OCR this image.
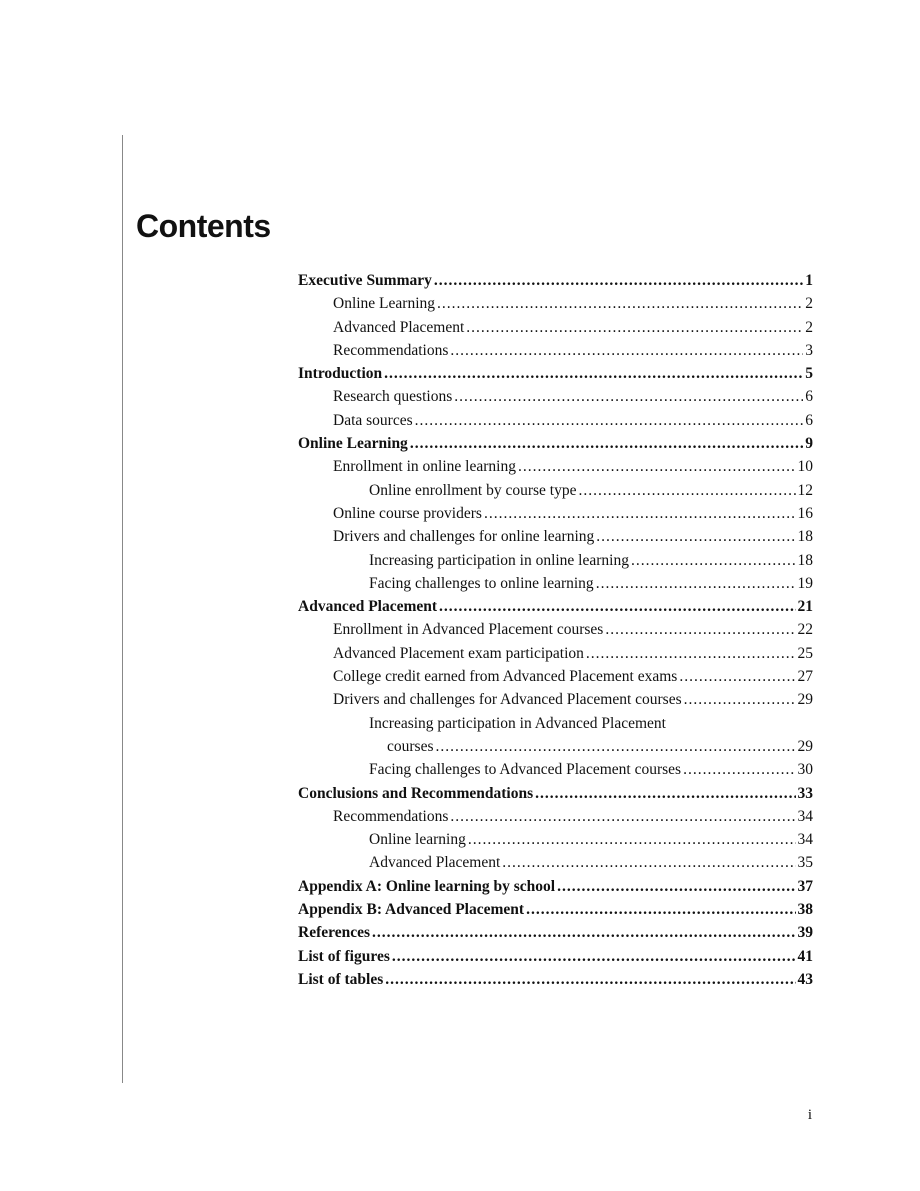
Contents
Executive Summary .....	1
Online Learning .....	2
Advanced Placement .....	2
Recommendations .....	3
Introduction .....	5
Research questions .....	6
Data sources .....	6
Online Learning .....	9
Enrollment in online learning .....	10
Online enrollment by course type .....	12
Online course providers .....	16
Drivers and challenges for online learning .....	18
Increasing participation in online learning .....	18
Facing challenges to online learning .....	19
Advanced Placement .....	21
Enrollment in Advanced Placement courses .....	22
Advanced Placement exam participation .....	25
College credit earned from Advanced Placement exams .....	27
Drivers and challenges for Advanced Placement courses .....	29
Increasing participation in Advanced Placement
courses .....	29
Facing challenges to Advanced Placement courses .....	30
Conclusions and Recommendations .....	33
Recommendations .....	34
Online learning .....	34
Advanced Placement .....	35
Appendix A: Online learning by school .....	37
Appendix B: Advanced Placement .....	38
References .....	39
List of figures .....	41
List of tables .....	43
i
